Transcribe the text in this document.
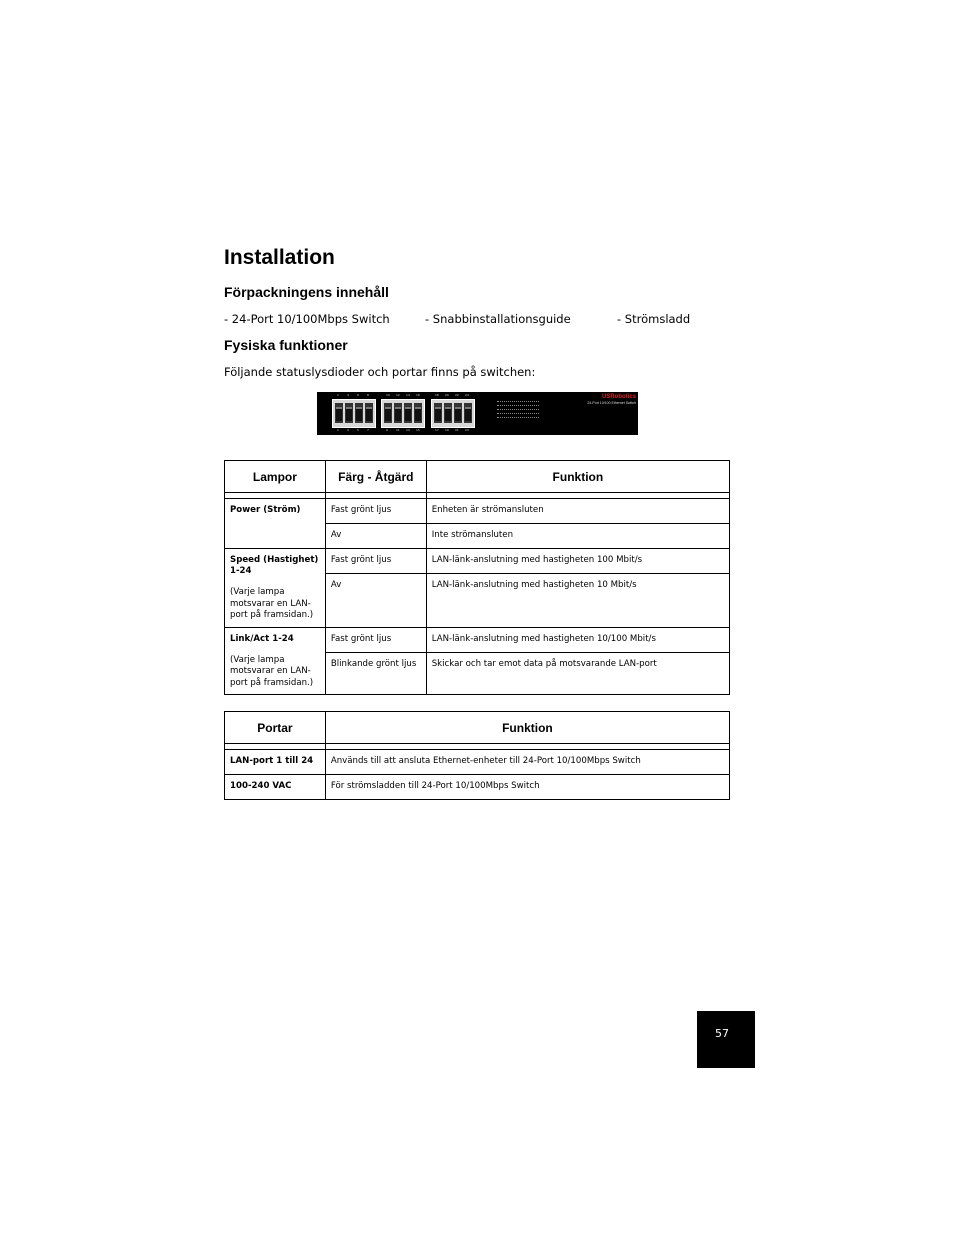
Installation
Förpackningens innehåll
- 24-Port 10/100Mbps Switch	- Snabbinstallationsguide	- Strömsladd
Fysiska funktioner
Följande statuslysdioder och portar finns på switchen:
2	4	6	8	10 12 14 16	18 20 22 24
1	3	5	7	9	11 13 15	17 19 21 23
USRobotics
24-Port 10/100 Ethernet Switch
Lampor	Färg - Åtgärd	Funktion

Power (Ström)	Fast grönt ljus	Enheten är strömansluten
	Av	Inte strömansluten
Speed (Hastighet) 1-24
(Varje lampa motsvarar en LAN-port på framsidan.)	Fast grönt ljus	LAN-länk-anslutning med hastigheten 100 Mbit/s
	Av	LAN-länk-anslutning med hastigheten 10 Mbit/s
Link/Act 1-24
(Varje lampa motsvarar en LAN-port på framsidan.)	Fast grönt ljus	LAN-länk-anslutning med hastigheten 10/100 Mbit/s
	Blinkande grönt ljus	Skickar och tar emot data på motsvarande LAN-port
Portar	Funktion

LAN-port 1 till 24	Används till att ansluta Ethernet-enheter till 24-Port 10/100Mbps Switch
100-240 VAC	För strömsladden till 24-Port 10/100Mbps Switch
57
